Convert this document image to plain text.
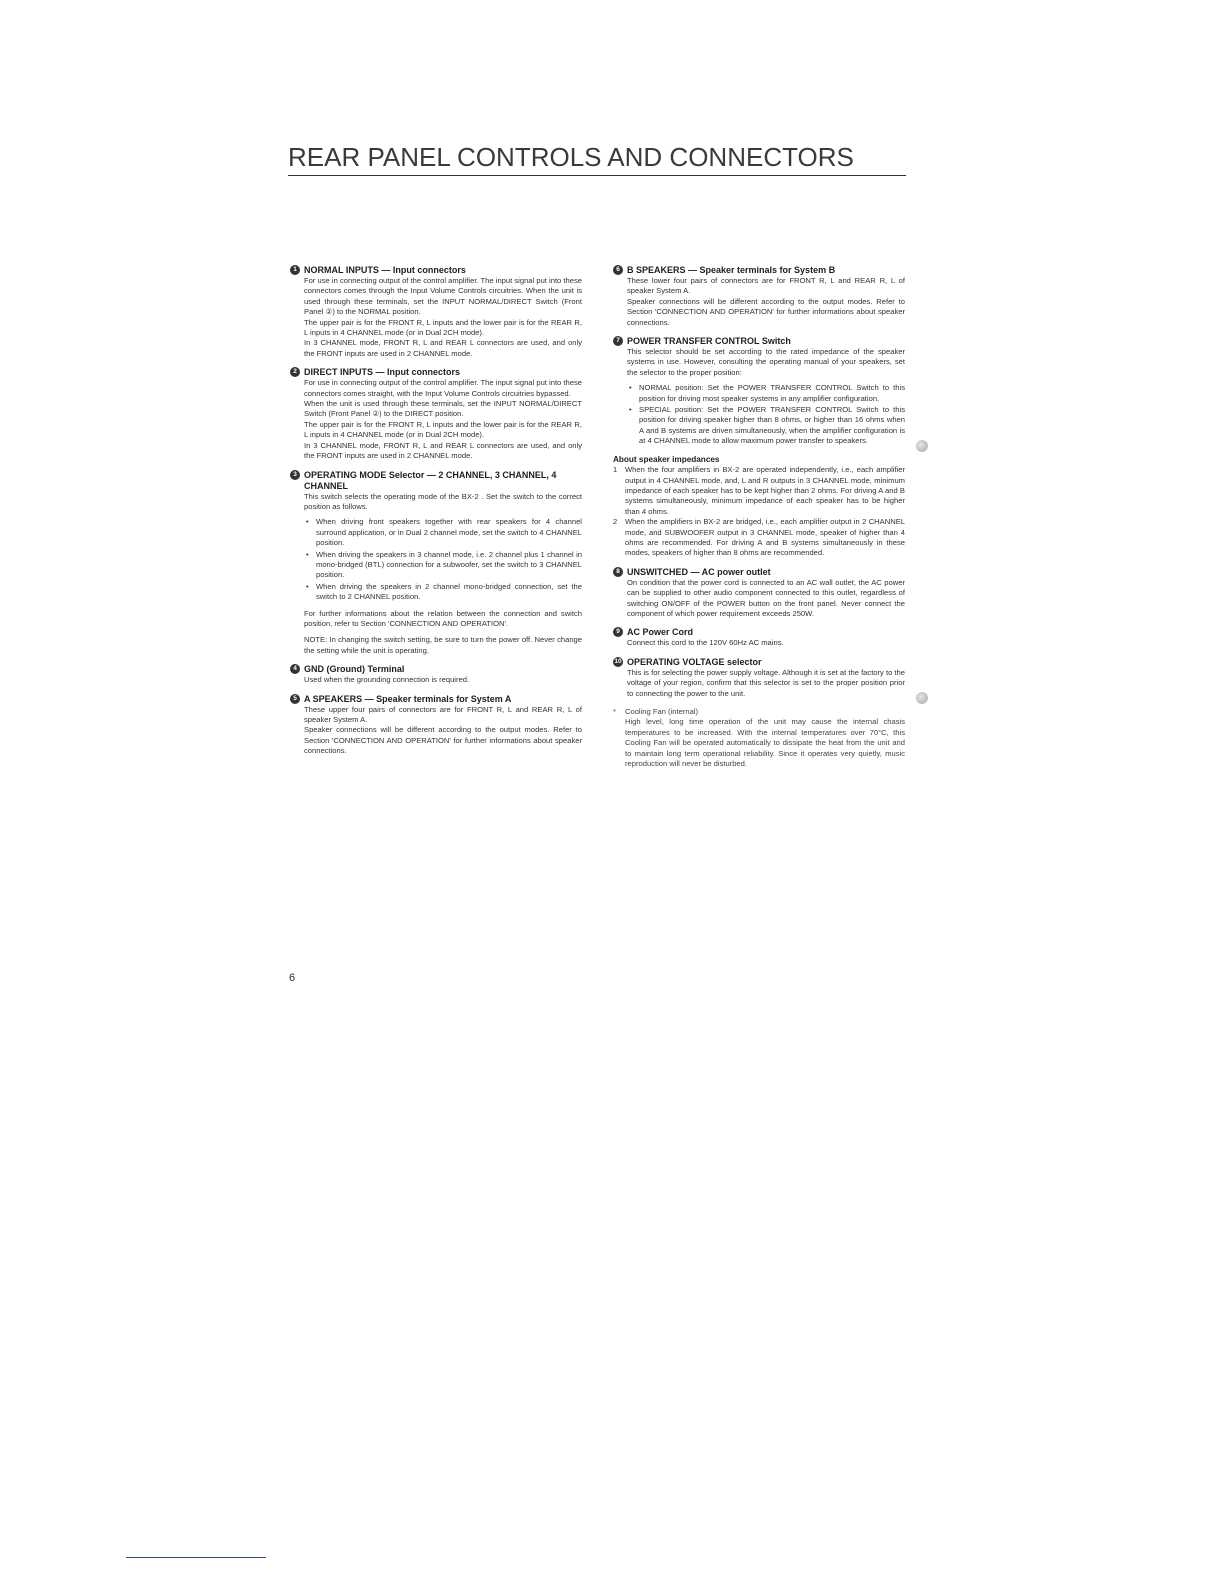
REAR PANEL CONTROLS AND CONNECTORS
1 NORMAL INPUTS — Input connectors

For use in connecting output of the control amplifier. The input signal put into these connectors comes through the Input Volume Controls circuitries. When the unit is used through these terminals, set the INPUT NORMAL/DIRECT Switch (Front Panel ②) to the NORMAL position.

The upper pair is for the FRONT R, L inputs and the lower pair is for the REAR R, L inputs in 4 CHANNEL mode (or in Dual 2CH mode).

In 3 CHANNEL mode, FRONT R, L and REAR L connectors are used, and only the FRONT inputs are used in 2 CHANNEL mode.

2 DIRECT INPUTS — Input connectors

For use in connecting output of the control amplifier. The input signal put into these connectors comes straight, with the Input Volume Controls circuitries bypassed.

When the unit is used through these terminals, set the INPUT NORMAL/DIRECT Switch (Front Panel ②) to the DIRECT position.

The upper pair is for the FRONT R, L inputs and the lower pair is for the REAR R, L inputs in 4 CHANNEL mode (or in Dual 2CH mode).

In 3 CHANNEL mode, FRONT R, L and REAR L connectors are used, and only the FRONT inputs are used in 2 CHANNEL mode.

3 OPERATING MODE Selector — 2 CHANNEL, 3 CHANNEL, 4 CHANNEL

This switch selects the operating mode of the BX-2 . Set the switch to the correct position as follows.

• When driving front speakers together with rear speakers for 4 channel surround application, or in Dual 2 channel mode, set the switch to 4 CHANNEL position.
• When driving the speakers in 3 channel mode, i.e. 2 channel plus 1 channel in mono-bridged (BTL) connection for a subwoofer, set the switch to 3 CHANNEL position.
• When driving the speakers in 2 channel mono-bridged connection, set the switch to 2 CHANNEL position.

For further informations about the relation between the connection and switch position, refer to Section 'CONNECTION AND OPERATION'.

NOTE: In changing the switch setting, be sure to turn the power off. Never change the setting while the unit is operating.

4 GND (Ground) Terminal

Used when the grounding connection is required.

5 A SPEAKERS — Speaker terminals for System A

These upper four pairs of connectors are for FRONT R, L and REAR R, L of speaker System A.

Speaker connections will be different according to the output modes. Refer to Section 'CONNECTION AND OPERATION' for further informations about speaker connections.

6 B SPEAKERS — Speaker terminals for System B

These lower four pairs of connectors are for FRONT R, L and REAR R, L of speaker System A.

Speaker connections will be different according to the output modes. Refer to Section 'CONNECTION AND OPERATION' for further informations about speaker connections.

7 POWER TRANSFER CONTROL Switch

This selector should be set according to the rated impedance of the speaker systems in use. However, consulting the operating manual of your speakers, set the selector to the proper position:

• NORMAL position: Set the POWER TRANSFER CONTROL Switch to this position for driving most speaker systems in any amplifier configuration.
• SPECIAL position: Set the POWER TRANSFER CONTROL Switch to this position for driving speaker higher than 8 ohms, or higher than 16 ohms when A and B systems are driven simultaneously, when the amplifier configuration is at 4 CHANNEL mode to allow maximum power transfer to speakers.
About speaker impedances
1 When the four amplifiers in BX-2 are operated independently, i.e., each amplifier output in 4 CHANNEL mode, and, L and R outputs in 3 CHANNEL mode, minimum impedance of each speaker has to be kept higher than 2 ohms. For driving A and B systems simultaneously, minimum impedance of each speaker has to be higher than 4 ohms.
2 When the amplifiers in BX-2 are bridged, i.e., each amplifier output in 2 CHANNEL mode, and SUBWOOFER output in 3 CHANNEL mode, speaker of higher than 4 ohms are recommended. For driving A and B systems simultaneously in these modes, speakers of higher than 8 ohms are recommended.
8 UNSWITCHED — AC power outlet

On condition that the power cord is connected to an AC wall outlet, the AC power can be supplied to other audio component connected to this outlet, regardless of switching ON/OFF of the POWER button on the front panel. Never connect the component of which power requirement exceeds 250W.

9 AC Power Cord

Connect this cord to the 120V 60Hz AC mains.

10 OPERATING VOLTAGE selector

This is for selecting the power supply voltage. Although it is set at the factory to the voltage of your region, confirm that this selector is set to the proper position prior to connecting the power to the unit.

* Cooling Fan (internal)
High level, long time operation of the unit may cause the internal chasis temperatures to be increased. With the internal temperatures over 70°C, this Cooling Fan will be operated automatically to dissipate the heat from the unit and to maintain long term operational reliability. Since it operates very quietly, music reproduction will never be disturbed.
6
